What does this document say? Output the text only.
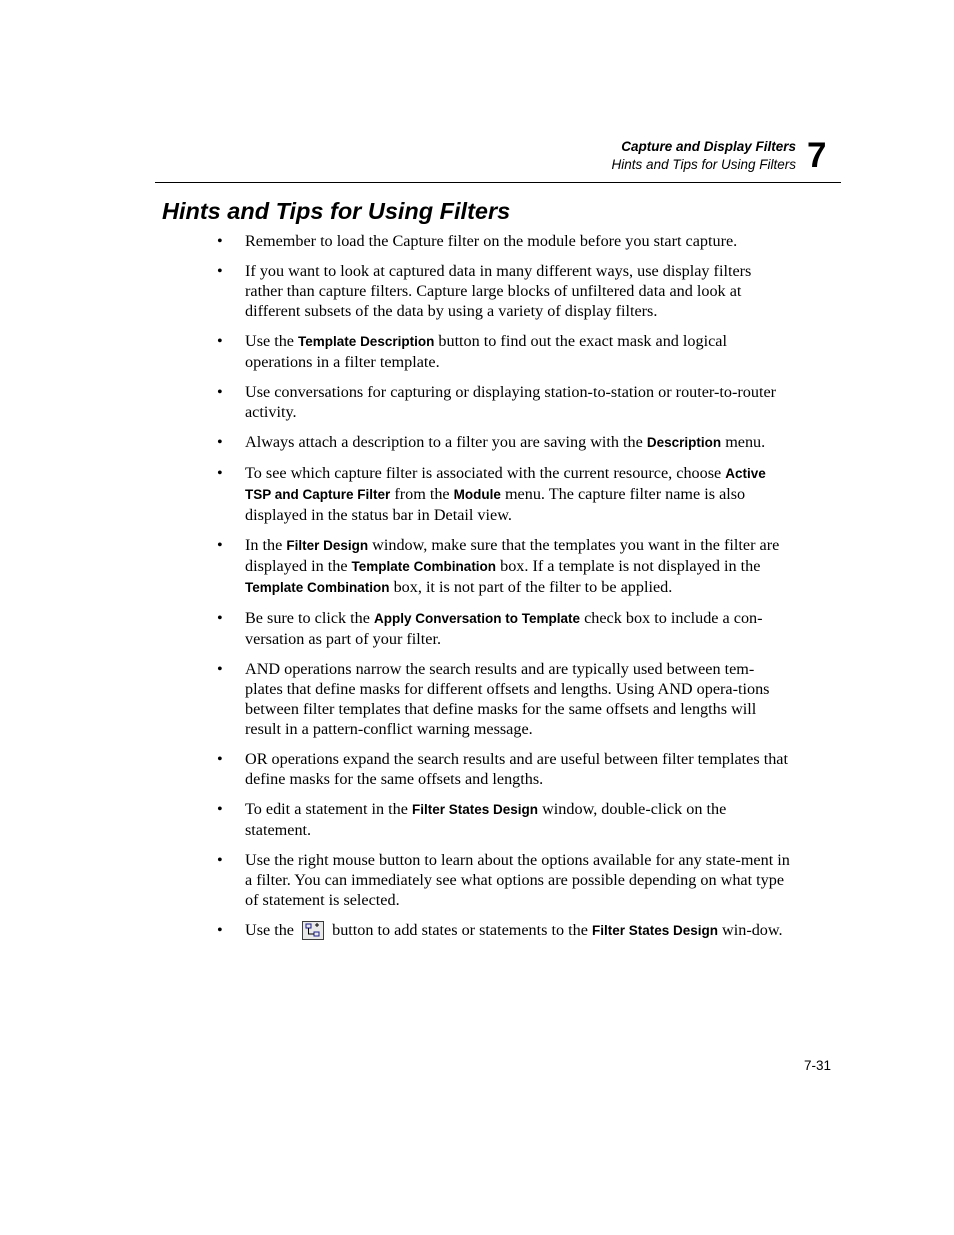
Capture and Display Filters
Hints and Tips for Using Filters 7
Hints and Tips for Using Filters
• Remember to load the Capture filter on the module before you start capture.
• If you want to look at captured data in many different ways, use display filters rather than capture filters. Capture large blocks of unfiltered data and look at different subsets of the data by using a variety of display filters.
• Use the Template Description button to find out the exact mask and logical operations in a filter template.
• Use conversations for capturing or displaying station-to-station or router-to-router activity.
• Always attach a description to a filter you are saving with the Description menu.
• To see which capture filter is associated with the current resource, choose Active TSP and Capture Filter from the Module menu. The capture filter name is also displayed in the status bar in Detail view.
• In the Filter Design window, make sure that the templates you want in the filter are displayed in the Template Combination box. If a template is not displayed in the Template Combination box, it is not part of the filter to be applied.
• Be sure to click the Apply Conversation to Template check box to include a con-versation as part of your filter.
• AND operations narrow the search results and are typically used between tem-plates that define masks for different offsets and lengths. Using AND opera-tions between filter templates that define masks for the same offsets and lengths will result in a pattern-conflict warning message.
• OR operations expand the search results and are useful between filter templates that define masks for the same offsets and lengths.
• To edit a statement in the Filter States Design window, double-click on the statement.
• Use the right mouse button to learn about the options available for any state-ment in a filter. You can immediately see what options are possible depending on what type of statement is selected.
• Use the
button to add states or statements to the Filter States Design win-dow.
7-31
